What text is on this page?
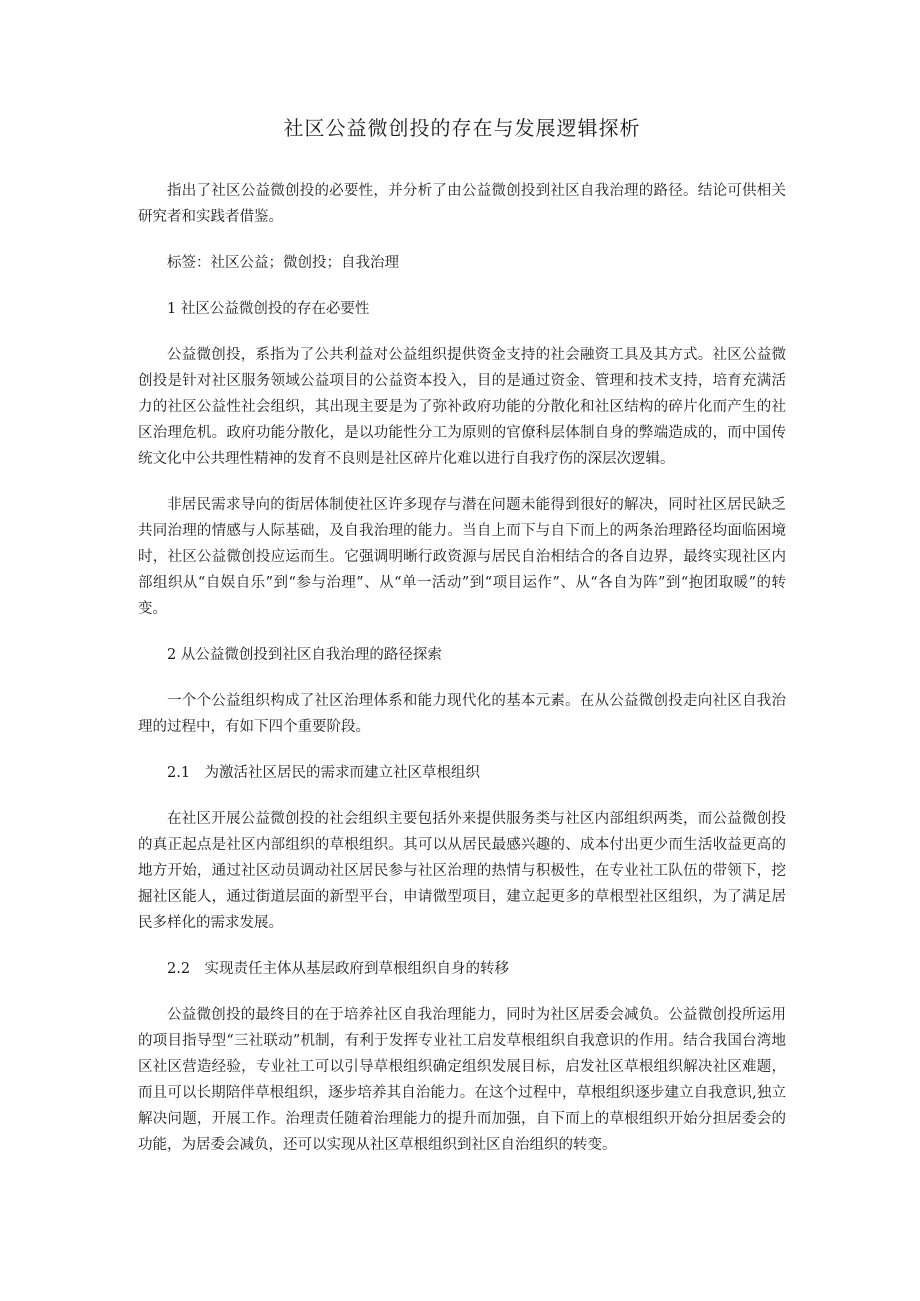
社区公益微创投的存在与发展逻辑探析

指出了社区公益微创投的必要性，并分析了由公益微创投到社区自我治理的路径。结论可供相关研究者和实践者借鉴。

标签：社区公益；微创投；自我治理

1 社区公益微创投的存在必要性

公益微创投，系指为了公共利益对公益组织提供资金支持的社会融资工具及其方式。社区公益微创投是针对社区服务领域公益项目的公益资本投入，目的是通过资金、管理和技术支持，培育充满活力的社区公益性社会组织，其出现主要是为了弥补政府功能的分散化和社区结构的碎片化而产生的社区治理危机。政府功能分散化，是以功能性分工为原则的官僚科层体制自身的弊端造成的，而中国传统文化中公共理性精神的发育不良则是社区碎片化难以进行自我疗伤的深层次逻辑。

非居民需求导向的街居体制使社区许多现存与潜在问题未能得到很好的解决，同时社区居民缺乏共同治理的情感与人际基础，及自我治理的能力。当自上而下与自下而上的两条治理路径均面临困境时，社区公益微创投应运而生。它强调明晰行政资源与居民自治相结合的各自边界，最终实现社区内部组织从“自娱自乐”到“参与治理”、从“单一活动”到“项目运作”、从“各自为阵”到“抱团取暖”的转变。

2 从公益微创投到社区自我治理的路径探索

一个个公益组织构成了社区治理体系和能力现代化的基本元素。在从公益微创投走向社区自我治理的过程中，有如下四个重要阶段。

2.1　为激活社区居民的需求而建立社区草根组织

在社区开展公益微创投的社会组织主要包括外来提供服务类与社区内部组织两类，而公益微创投的真正起点是社区内部组织的草根组织。其可以从居民最感兴趣的、成本付出更少而生活收益更高的地方开始，通过社区动员调动社区居民参与社区治理的热情与积极性，在专业社工队伍的带领下，挖掘社区能人，通过街道层面的新型平台，申请微型项目，建立起更多的草根型社区组织，为了满足居民多样化的需求发展。

2.2　实现责任主体从基层政府到草根组织自身的转移

公益微创投的最终目的在于培养社区自我治理能力，同时为社区居委会减负。公益微创投所运用的项目指导型“三社联动”机制，有利于发挥专业社工启发草根组织自我意识的作用。结合我国台湾地区社区营造经验，专业社工可以引导草根组织确定组织发展目标，启发社区草根组织解决社区难题，而且可以长期陪伴草根组织，逐步培养其自治能力。在这个过程中，草根组织逐步建立自我意识,独立解决问题，开展工作。治理责任随着治理能力的提升而加强，自下而上的草根组织开始分担居委会的功能，为居委会减负，还可以实现从社区草根组织到社区自治组织的转变。
